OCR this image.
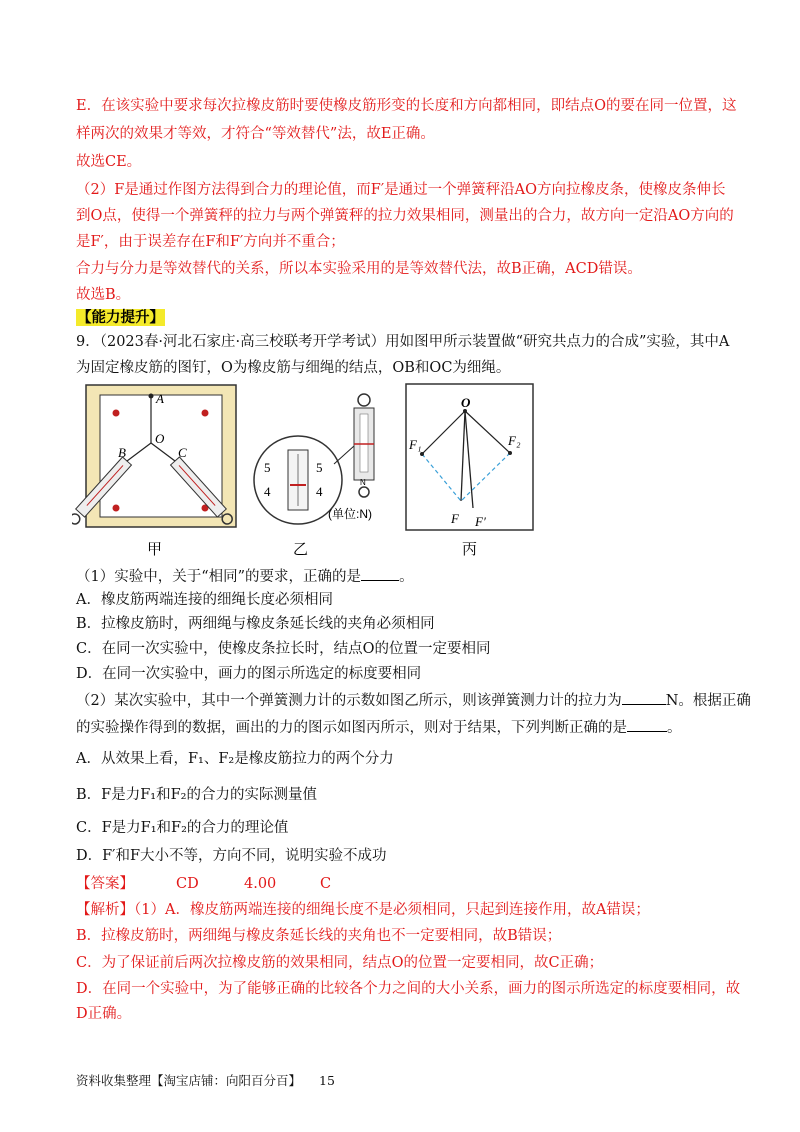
E．在该实验中要求每次拉橡皮筋时要使橡皮筋形变的长度和方向都相同，即结点O的要在同一位置，这
样两次的效果才等效，才符合“等效替代”法，故E正确。
故选CE。
（2）F是通过作图方法得到合力的理论值，而F′是通过一个弹簧秤沿AO方向拉橡皮条，使橡皮条伸长
到O点，使得一个弹簧秤的拉力与两个弹簧秤的拉力效果相同，测量出的合力，故方向一定沿AO方向的
是F′，由于误差存在F和F′方向并不重合；
合力与分力是等效替代的关系，所以本实验采用的是等效替代法，故B正确，ACD错误。
故选B。
【能力提升】
9．（2023春·河北石家庄·高三校联考开学考试）用如图甲所示装置做“研究共点力的合成”实验，其中A
为固定橡皮筋的图钉，O为橡皮筋与细绳的结点，OB和OC为细绳。
A
O
B	C
甲
5	5
4	4
N
(单位:N)
乙
O
F₁	F₂
F F′
丙
（1）实验中，关于“相同”的要求，正确的是	。
A．橡皮筋两端连接的细绳长度必须相同
B．拉橡皮筋时，两细绳与橡皮条延长线的夹角必须相同
C．在同一次实验中，使橡皮条拉长时，结点O的位置一定要相同
D．在同一次实验中，画力的图示所选定的标度要相同
（2）某次实验中，其中一个弹簧测力计的示数如图乙所示，则该弹簧测力计的拉力为	N。根据正确
的实验操作得到的数据，画出的力的图示如图丙所示，则对于结果，下列判断正确的是	。
A．从效果上看，F₁、F₂是橡皮筋拉力的两个分力
B．F是力F₁和F₂的合力的实际测量值
C．F是力F₁和F₂的合力的理论值
D．F′和F大小不等，方向不同，说明实验不成功
【答案】	CD	4.00	C
【解析】（1）A．橡皮筋两端连接的细绳长度不是必须相同，只起到连接作用，故A错误；
B．拉橡皮筋时，两细绳与橡皮条延长线的夹角也不一定要相同，故B错误；
C．为了保证前后两次拉橡皮筋的效果相同，结点O的位置一定要相同，故C正确；
D．在同一个实验中，为了能够正确的比较各个力之间的大小关系，画力的图示所选定的标度要相同，故
D正确。
资料收集整理【淘宝店铺：向阳百分百】 15
